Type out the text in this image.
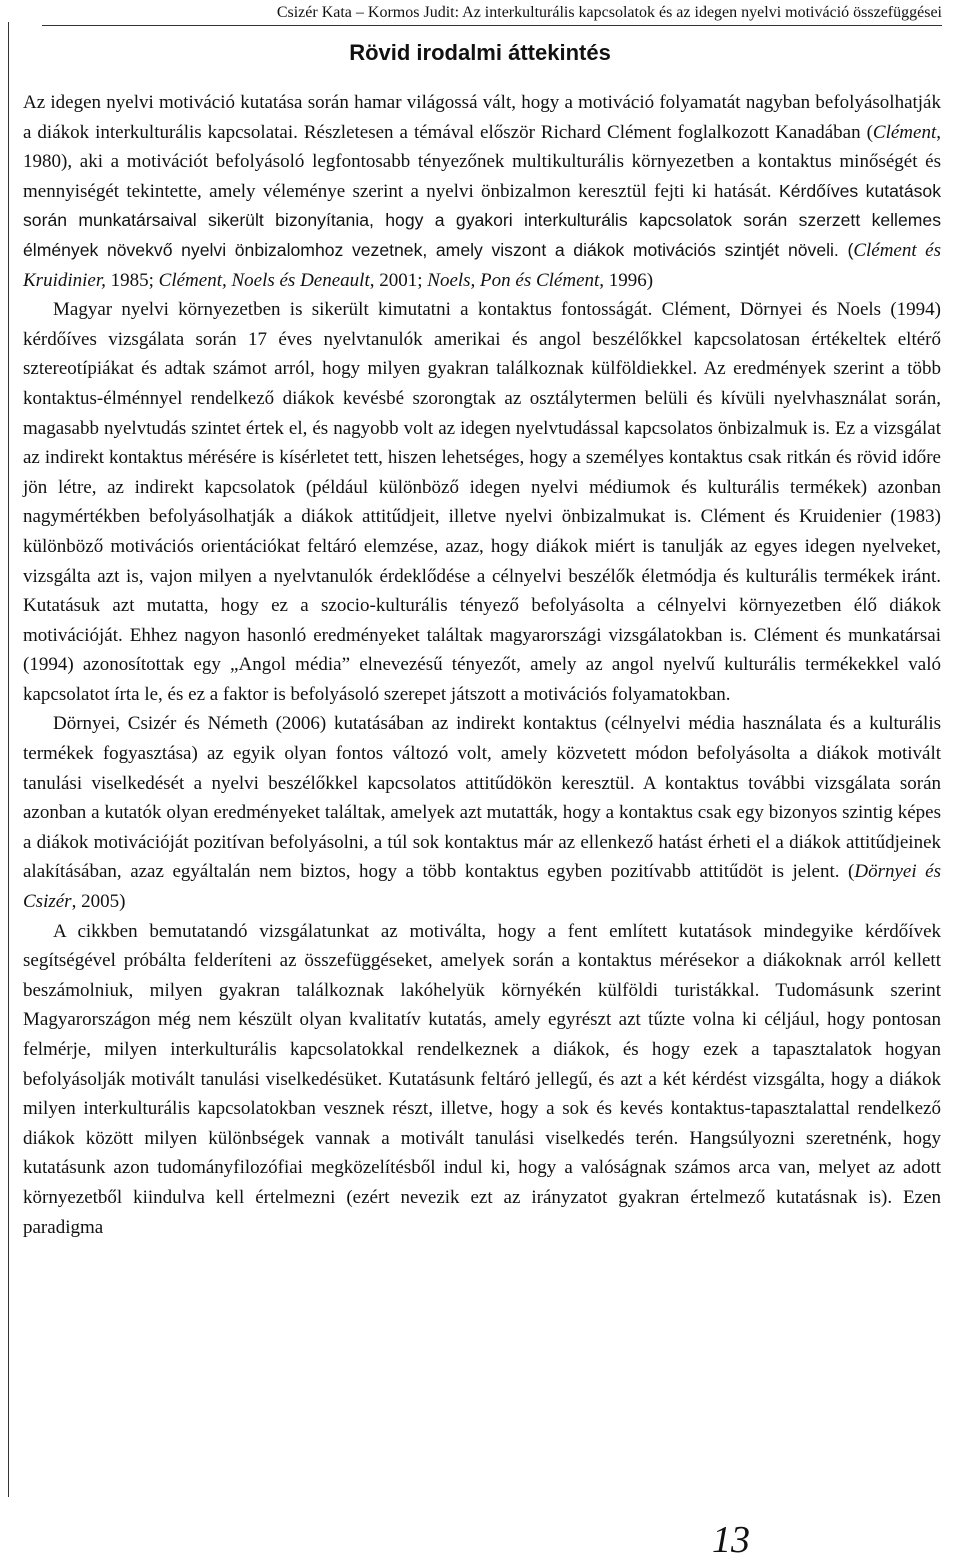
Csizér Kata – Kormos Judit: Az interkulturális kapcsolatok és az idegen nyelvi motiváció összefüggései
Rövid irodalmi áttekintés

Az idegen nyelvi motiváció kutatása során hamar világossá vált, hogy a motiváció folyamatát nagyban befolyásolhatják a diákok interkulturális kapcsolatai. Részletesen a témával először Richard Clément foglalkozott Kanadában (Clément, 1980), aki a motivációt befolyásoló legfontosabb tényezőnek multikulturális környezetben a kontaktus minőségét és mennyiségét tekintette, amely véleménye szerint a nyelvi önbizalmon keresztül fejti ki hatását. Kérdőíves kutatások során munkatársaival sikerült bizonyítania, hogy a gyakori interkulturális kapcsolatok során szerzett kellemes élmények növekvő nyelvi önbizalomhoz vezetnek, amely viszont a diákok motivációs szintjét növeli. (Clément és Kruidinier, 1985; Clément, Noels és Deneault, 2001; Noels, Pon és Clément, 1996)

Magyar nyelvi környezetben is sikerült kimutatni a kontaktus fontosságát. Clément, Dörnyei és Noels (1994) kérdőíves vizsgálata során 17 éves nyelvtanulók amerikai és angol beszélőkkel kapcsolatosan értékeltek eltérő sztereotípiákat és adtak számot arról, hogy milyen gyakran találkoznak külföldiekkel. Az eredmények szerint a több kontaktus-élménnyel rendelkező diákok kevésbé szorongtak az osztálytermen belüli és kívüli nyelvhasználat során, magasabb nyelvtudás szintet értek el, és nagyobb volt az idegen nyelvtudással kapcsolatos önbizalmuk is. Ez a vizsgálat az indirekt kontaktus mérésére is kísérletet tett, hiszen lehetséges, hogy a személyes kontaktus csak ritkán és rövid időre jön létre, az indirekt kapcsolatok (például különböző idegen nyelvi médiumok és kulturális termékek) azonban nagymértékben befolyásolhatják a diákok attitűdjeit, illetve nyelvi önbizalmukat is. Clément és Kruidenier (1983) különböző motivációs orientációkat feltáró elemzése, azaz, hogy diákok miért is tanulják az egyes idegen nyelveket, vizsgálta azt is, vajon milyen a nyelvtanulók érdeklődése a célnyelvi beszélők életmódja és kulturális termékek iránt. Kutatásuk azt mutatta, hogy ez a szocio-kulturális tényező befolyásolta a célnyelvi környezetben élő diákok motivációját. Ehhez nagyon hasonló eredményeket találtak magyarországi vizsgálatokban is. Clément és munkatársai (1994) azonosítottak egy „Angol média” elnevezésű tényezőt, amely az angol nyelvű kulturális termékekkel való kapcsolatot írta le, és ez a faktor is befolyásoló szerepet játszott a motivációs folyamatokban.

Dörnyei, Csizér és Németh (2006) kutatásában az indirekt kontaktus (célnyelvi média használata és a kulturális termékek fogyasztása) az egyik olyan fontos változó volt, amely közvetett módon befolyásolta a diákok motivált tanulási viselkedését a nyelvi beszélőkkel kapcsolatos attitűdökön keresztül. A kontaktus további vizsgálata során azonban a kutatók olyan eredményeket találtak, amelyek azt mutatták, hogy a kontaktus csak egy bizonyos szintig képes a diákok motivációját pozitívan befolyásolni, a túl sok kontaktus már az ellenkező hatást érheti el a diákok attitűdjeinek alakításában, azaz egyáltalán nem biztos, hogy a több kontaktus egyben pozitívabb attitűdöt is jelent. (Dörnyei és Csizér, 2005)

A cikkben bemutatandó vizsgálatunkat az motiválta, hogy a fent említett kutatások mindegyike kérdőívek segítségével próbálta felderíteni az összefüggéseket, amelyek során a kontaktus mérésekor a diákoknak arról kellett beszámolniuk, milyen gyakran találkoznak lakóhelyük környékén külföldi turistákkal. Tudomásunk szerint Magyarországon még nem készült olyan kvalitatív kutatás, amely egyrészt azt tűzte volna ki céljául, hogy pontosan felmérje, milyen interkulturális kapcsolatokkal rendelkeznek a diákok, és hogy ezek a tapasztalatok hogyan befolyásolják motivált tanulási viselkedésüket. Kutatásunk feltáró jellegű, és azt a két kérdést vizsgálta, hogy a diákok milyen interkulturális kapcsolatokban vesznek részt, illetve, hogy a sok és kevés kontaktus-tapasztalattal rendelkező diákok között milyen különbségek vannak a motivált tanulási viselkedés terén. Hangsúlyozni szeretnénk, hogy kutatásunk azon tudományfilozófiai megközelítésből indul ki, hogy a valóságnak számos arca van, melyet az adott környezetből kiindulva kell értelmezni (ezért nevezik ezt az irányzatot gyakran értelmező kutatásnak is). Ezen paradigma

13
